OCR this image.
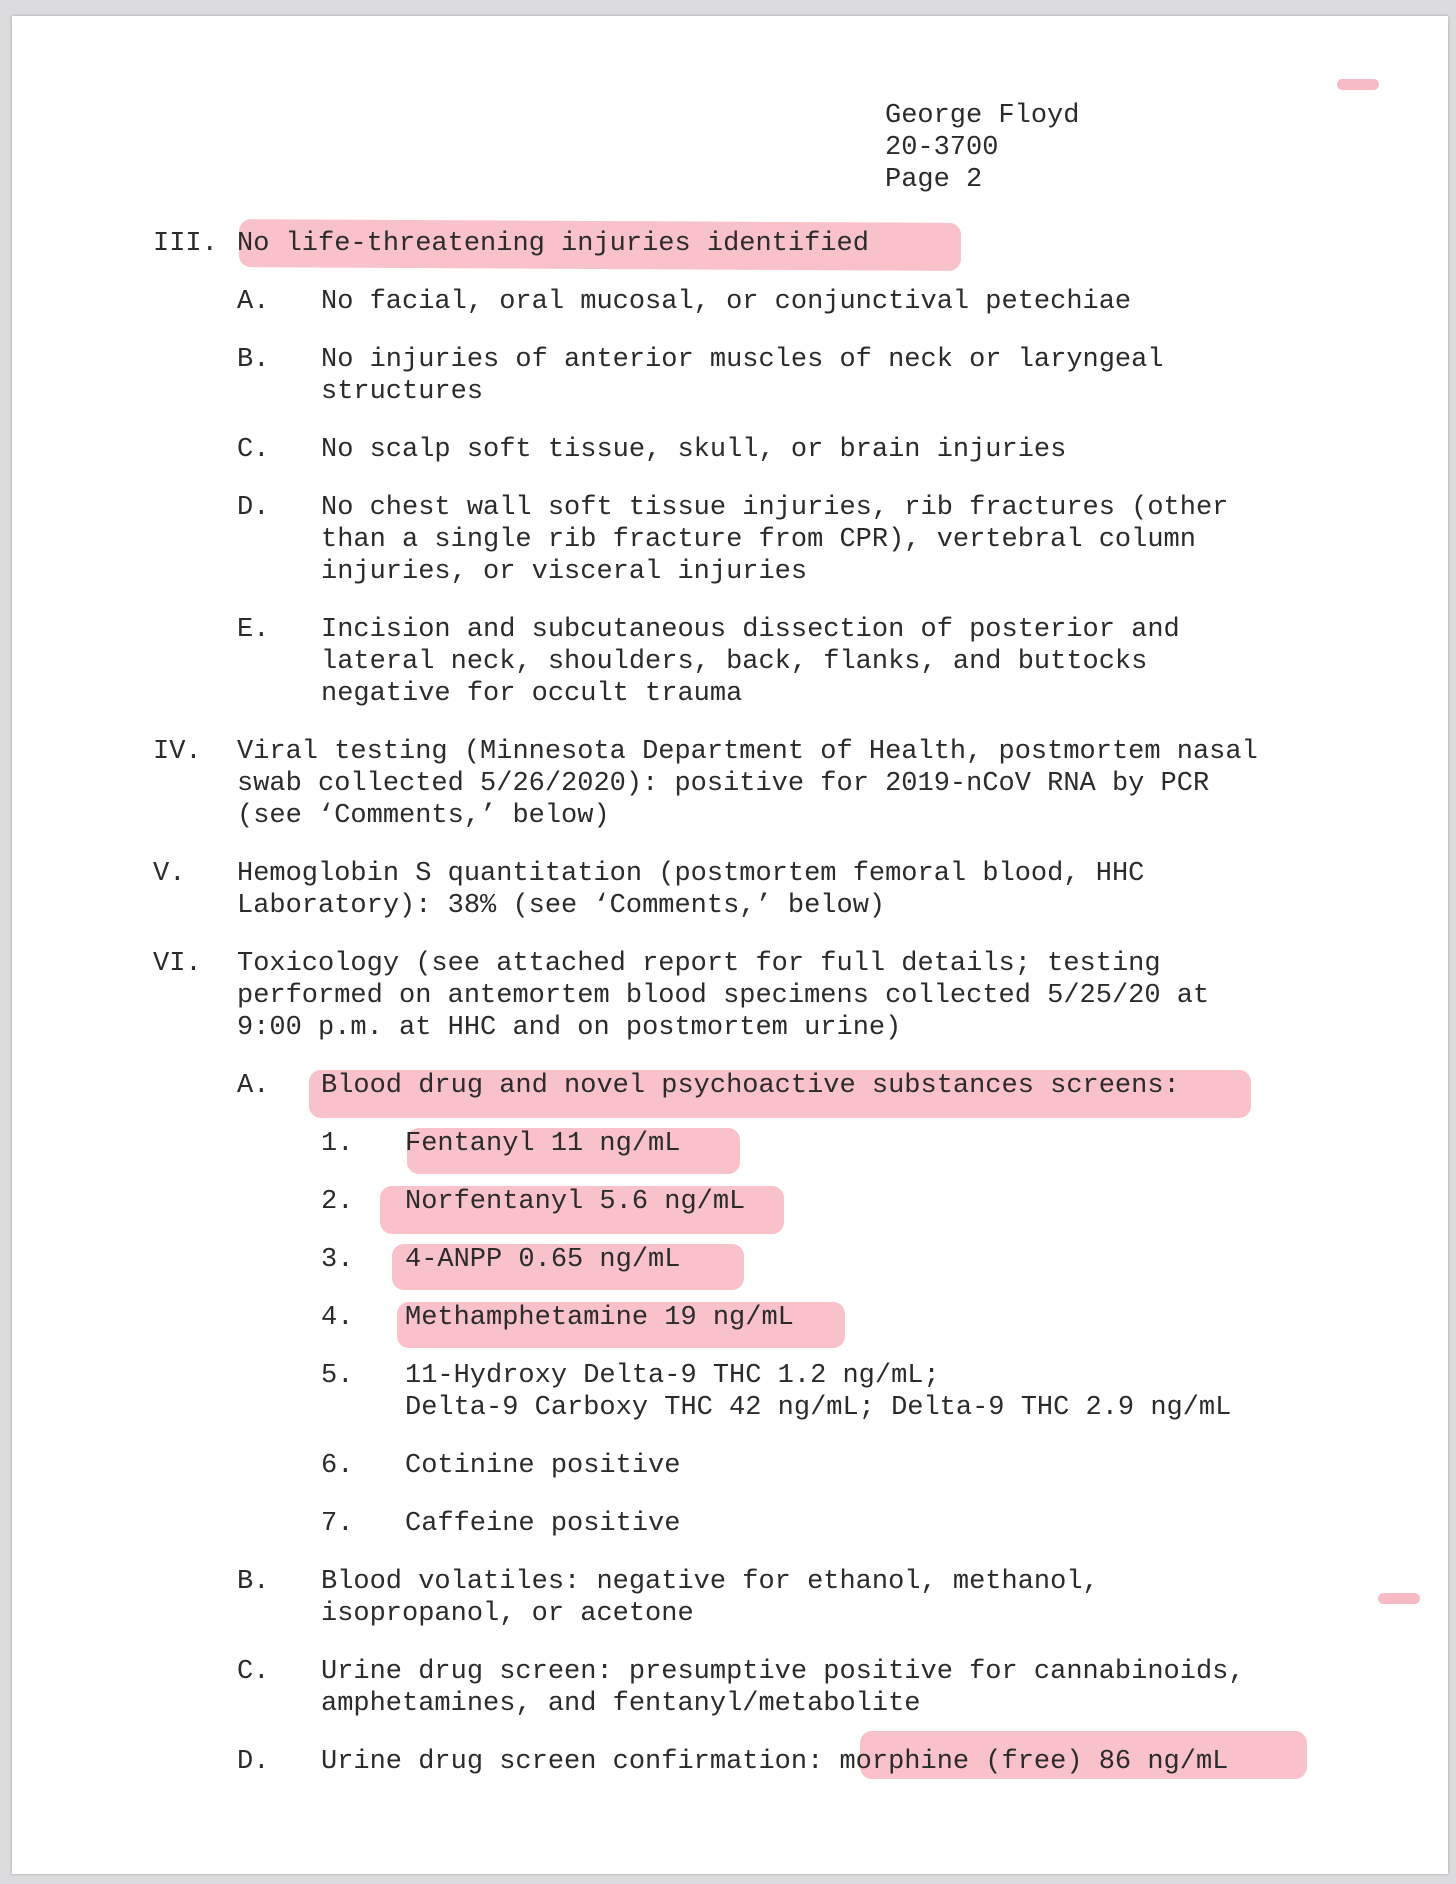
George Floyd
20-3700
Page 2
III. No life-threatening injuries identified
A. No facial, oral mucosal, or conjunctival petechiae
B. No injuries of anterior muscles of neck or laryngeal
structures
C. No scalp soft tissue, skull, or brain injuries
D. No chest wall soft tissue injuries, rib fractures (other
than a single rib fracture from CPR), vertebral column
injuries, or visceral injuries
E. Incision and subcutaneous dissection of posterior and
lateral neck, shoulders, back, flanks, and buttocks
negative for occult trauma
IV. Viral testing (Minnesota Department of Health, postmortem nasal
swab collected 5/26/2020): positive for 2019-nCoV RNA by PCR
(see ‘Comments,’ below)
V. Hemoglobin S quantitation (postmortem femoral blood, HHC
Laboratory): 38% (see ‘Comments,’ below)
VI. Toxicology (see attached report for full details; testing
performed on antemortem blood specimens collected 5/25/20 at
9:00 p.m. at HHC and on postmortem urine)
A. Blood drug and novel psychoactive substances screens:
1. Fentanyl 11 ng/mL
2. Norfentanyl 5.6 ng/mL
3. 4-ANPP 0.65 ng/mL
4. Methamphetamine 19 ng/mL
5. 11-Hydroxy Delta-9 THC 1.2 ng/mL;
Delta-9 Carboxy THC 42 ng/mL; Delta-9 THC 2.9 ng/mL
6. Cotinine positive
7. Caffeine positive
B. Blood volatiles: negative for ethanol, methanol,
isopropanol, or acetone
C. Urine drug screen: presumptive positive for cannabinoids,
amphetamines, and fentanyl/metabolite
D. Urine drug screen confirmation: morphine (free) 86 ng/mL
